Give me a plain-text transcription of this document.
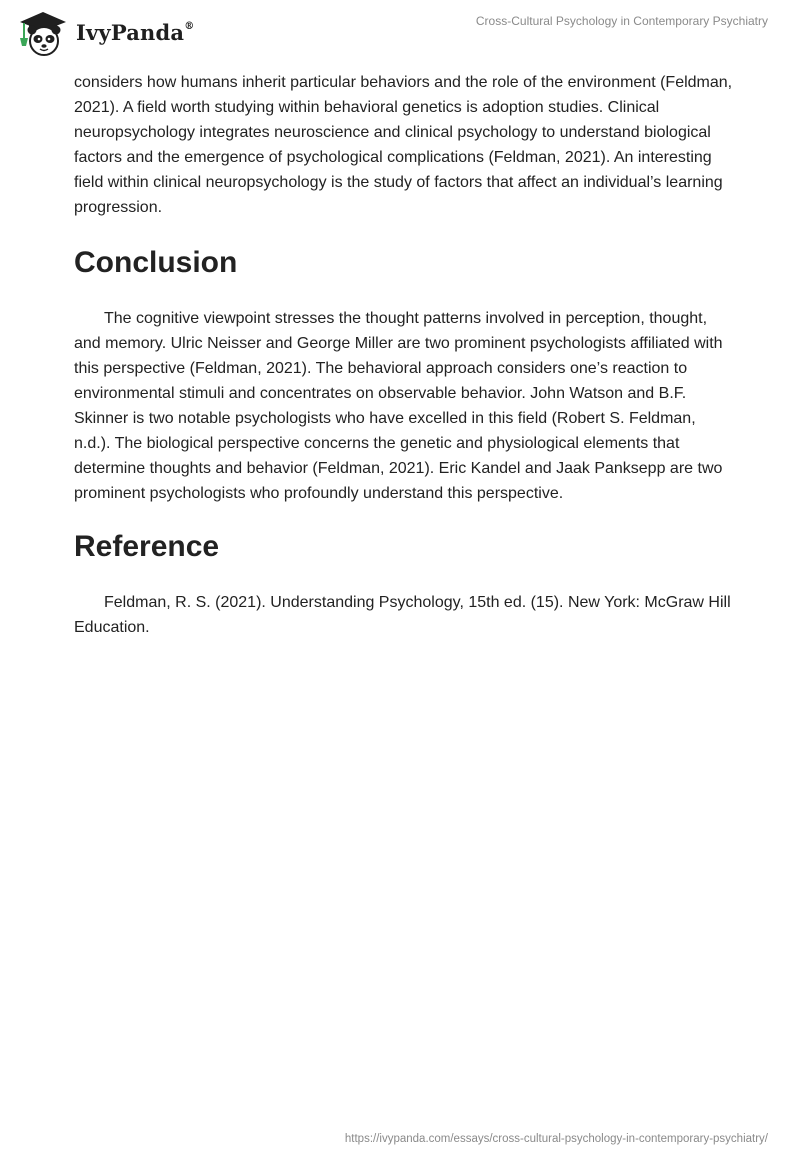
IvyPanda®	Cross-Cultural Psychology in Contemporary Psychiatry

considers how humans inherit particular behaviors and the role of the environment (Feldman, 2021). A field worth studying within behavioral genetics is adoption studies. Clinical neuropsychology integrates neuroscience and clinical psychology to understand biological factors and the emergence of psychological complications (Feldman, 2021). An interesting field within clinical neuropsychology is the study of factors that affect an individual’s learning progression.

Conclusion

The cognitive viewpoint stresses the thought patterns involved in perception, thought, and memory. Ulric Neisser and George Miller are two prominent psychologists affiliated with this perspective (Feldman, 2021). The behavioral approach considers one’s reaction to environmental stimuli and concentrates on observable behavior. John Watson and B.F. Skinner is two notable psychologists who have excelled in this field (Robert S. Feldman, n.d.). The biological perspective concerns the genetic and physiological elements that determine thoughts and behavior (Feldman, 2021). Eric Kandel and Jaak Panksepp are two prominent psychologists who profoundly understand this perspective.

Reference

Feldman, R. S. (2021). Understanding Psychology, 15th ed. (15). New York: McGraw Hill Education.

https://ivypanda.com/essays/cross-cultural-psychology-in-contemporary-psychiatry/
